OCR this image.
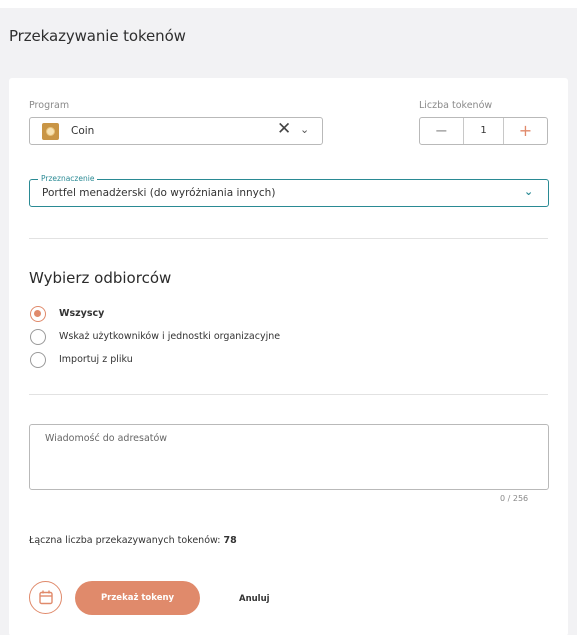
Przekazywanie tokenów
Program
Coin	✕ ⌄
Liczba tokenów
−	1	+
Przeznaczenie
Portfel menadżerski (do wyróżniania innych)	⌄
Wybierz odbiorców
Wszyscy
Wskaż użytkowników i jednostki organizacyjne
Importuj z pliku
Wiadomość do adresatów
0 / 256
Łączna liczba przekazywanych tokenów: 78
Przekaż tokeny	Anuluj
